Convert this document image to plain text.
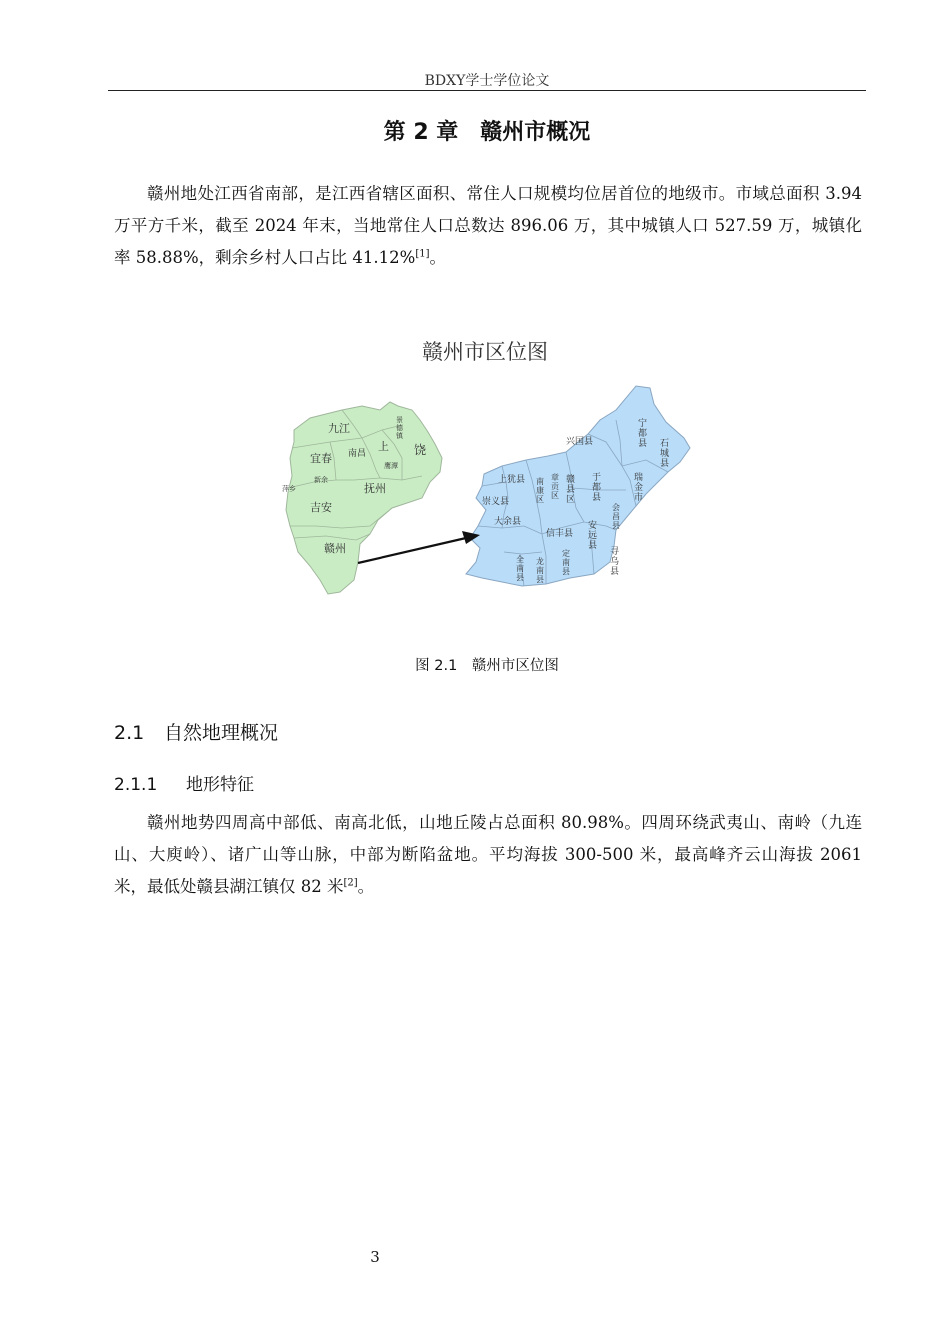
BDXY学士学位论文
第 2 章　赣州市概况

赣州地处江西省南部，是江西省辖区面积、常住人口规模均位居首位的地级市。市域总面积 3.94 万平方千米，截至 2024 年末，当地常住人口总数达 896.06 万，其中城镇人口 527.59 万，城镇化率 58.88%，剩余乡村人口占比 41.12%[1]。

九江
上
景
德
镇
宜春 南昌	饶
鹰潭
新余
萍乡	抚州
吉安
赣州
兴国县
宁
都
县 石
城
县
上犹县 南
康
区
章
贡
区
赣
县
区
于
都
县
瑞
金
市
崇义县
会
昌
县
大余县
信丰县
安
远
县
寻
乌
县
全
南
县
龙
南
县
定
南
县
赣州市区位图
图 2.1　赣州市区位图
2.1 自然地理概况
2.1.1 地形特征

赣州地势四周高中部低、南高北低，山地丘陵占总面积 80.98%。四周环绕武夷山、南岭（九连山、大庾岭）、诸广山等山脉，中部为断陷盆地。平均海拔 300-500 米，最高峰齐云山海拔 2061 米，最低处赣县湖江镇仅 82 米[2]。

3
